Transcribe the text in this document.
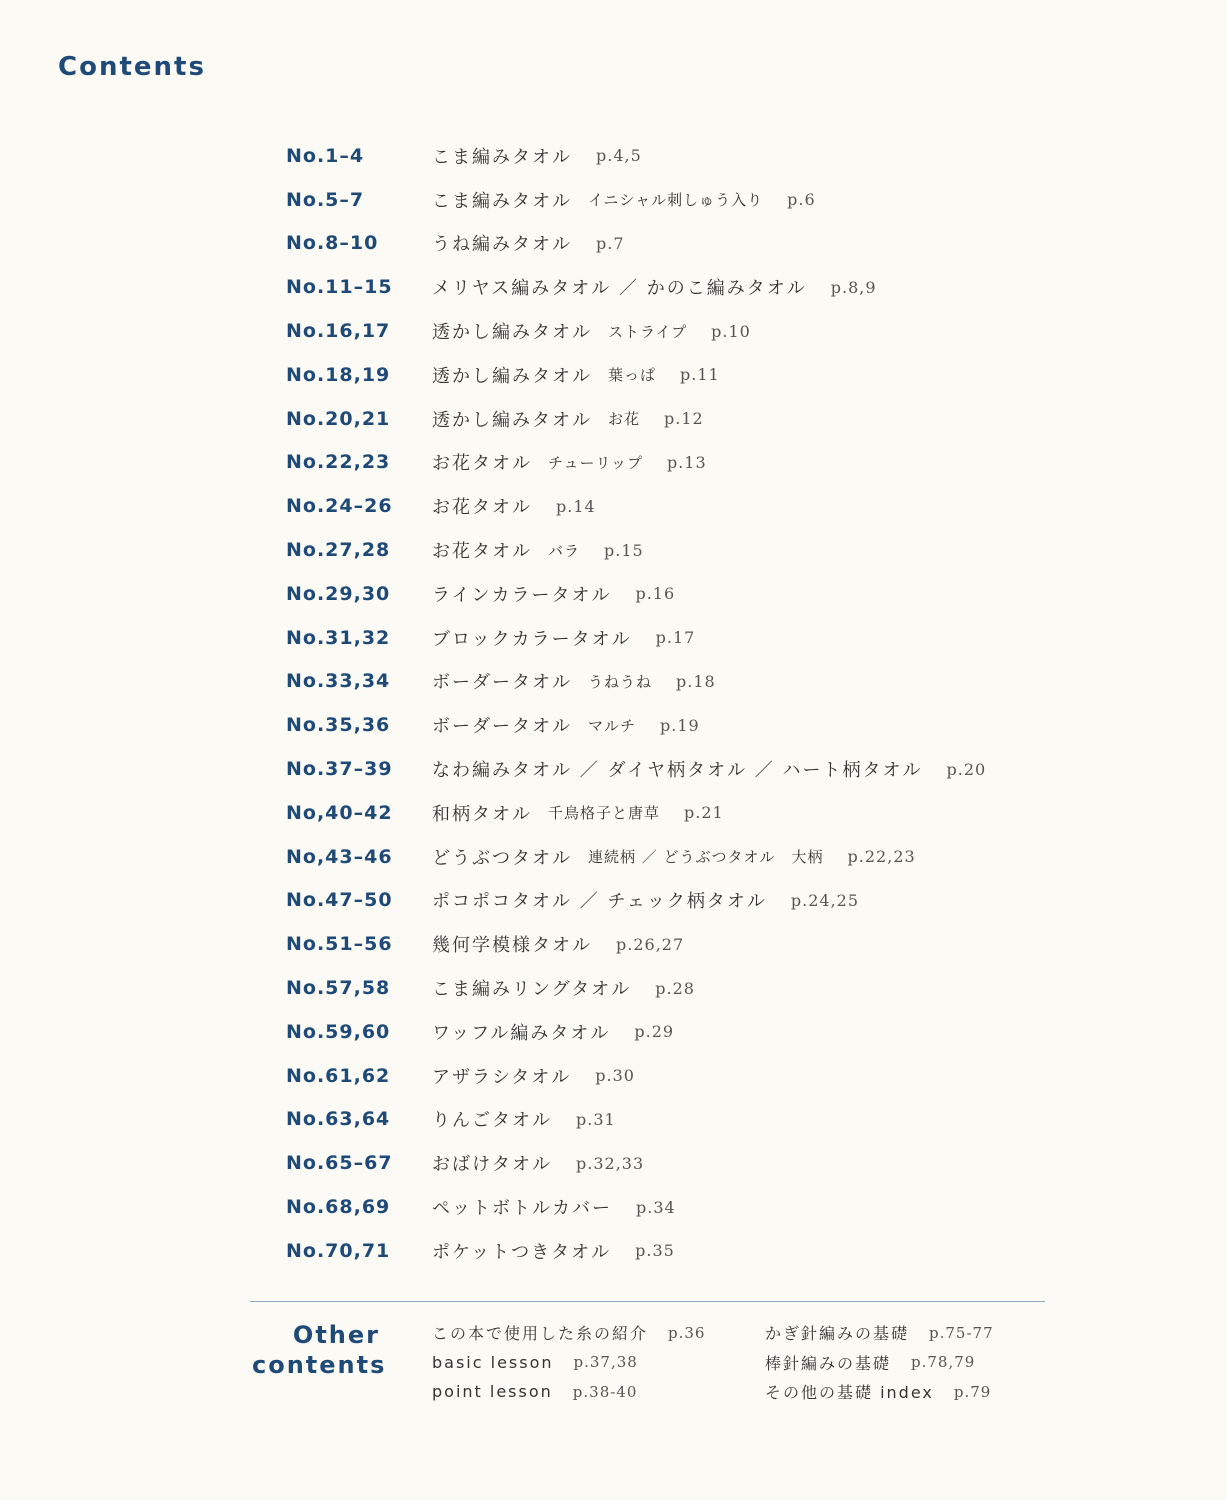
Contents
No.1–4	こま編みタオル p.4,5
No.5–7	こま編みタオル イニシャル刺しゅう入り p.6
No.8–10	うね編みタオル p.7
No.11–15	メリヤス編みタオル ／ かのこ編みタオル p.8,9
No.16,17	透かし編みタオル ストライプ p.10
No.18,19	透かし編みタオル 葉っぱ p.11
No.20,21	透かし編みタオル お花 p.12
No.22,23	お花タオル チューリップ p.13
No.24–26	お花タオル p.14
No.27,28	お花タオル バラ p.15
No.29,30	ラインカラータオル p.16
No.31,32	ブロックカラータオル p.17
No.33,34	ボーダータオル うねうね p.18
No.35,36	ボーダータオル マルチ p.19
No.37–39	なわ編みタオル ／ ダイヤ柄タオル ／ ハート柄タオル p.20
No,40–42	和柄タオル 千鳥格子と唐草 p.21
No,43–46	どうぶつタオル 連続柄 ／ どうぶつタオル　大柄 p.22,23
No.47–50	ポコポコタオル ／ チェック柄タオル p.24,25
No.51–56	幾何学模様タオル p.26,27
No.57,58	こま編みリングタオル p.28
No.59,60	ワッフル編みタオル p.29
No.61,62	アザラシタオル p.30
No.63,64	りんごタオル p.31
No.65–67	おばけタオル p.32,33
No.68,69	ペットボトルカバー p.34
No.70,71	ポケットつきタオル p.35
Other
contents
この本で使用した糸の紹介 p.36
basic lesson p.37,38
point lesson p.38-40
かぎ針編みの基礎 p.75-77
棒針編みの基礎 p.78,79
その他の基礎 index p.79
